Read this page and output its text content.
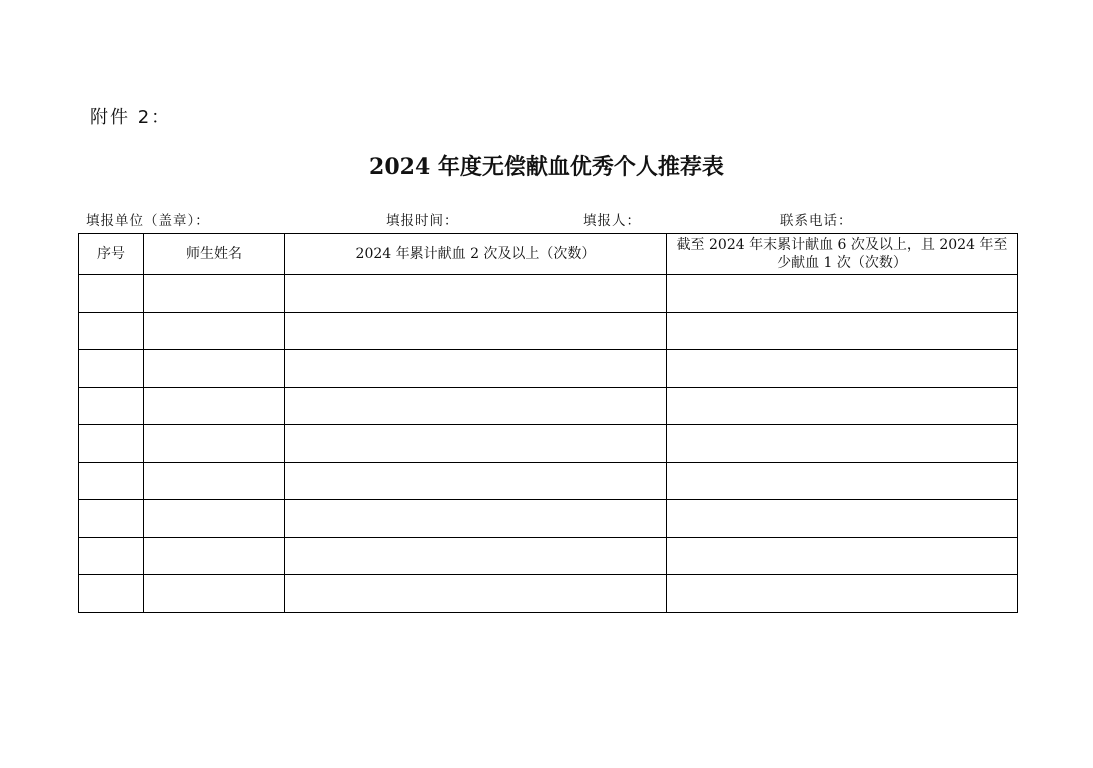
附件 2：
2024 年度无偿献血优秀个人推荐表
填报单位（盖章）：	填报时间：	填报人：	联系电话：
序号	师生姓名	2024 年累计献血 2 次及以上（次数）	截至 2024 年末累计献血 6 次及以上，且 2024 年至少献血 1 次（次数）
